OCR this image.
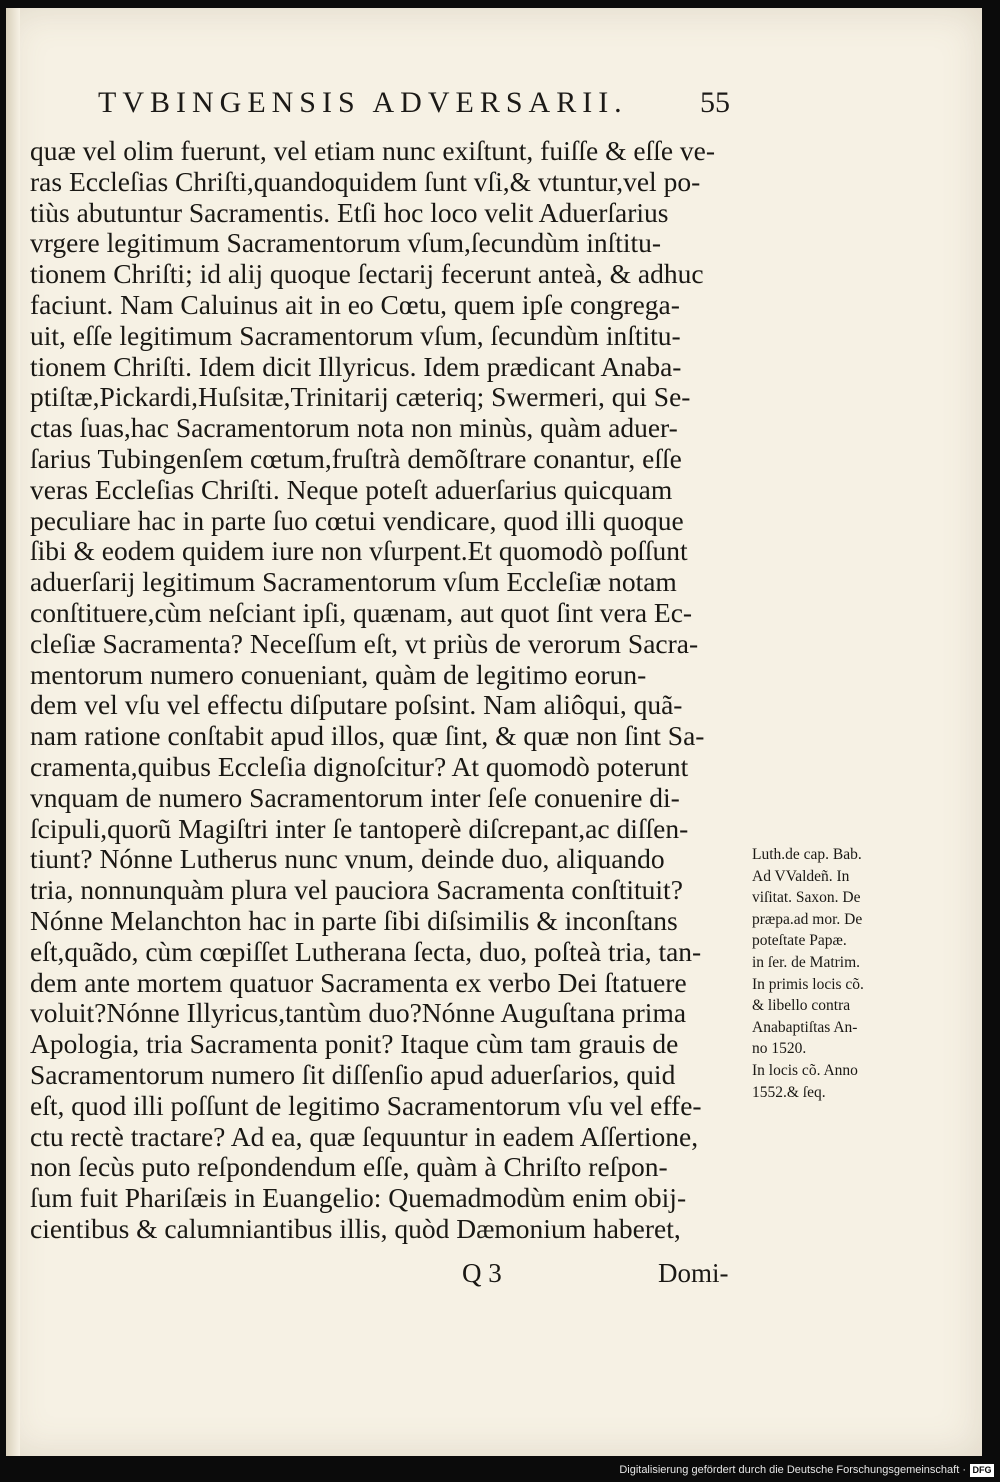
TVBINGENSIS ADVERSARII.	55
quæ vel olim fuerunt, vel etiam nunc exiſtunt, fuiſſe & eſſe ve-
ras Eccleſias Chriſti,quandoquidem ſunt vſi,& vtuntur,vel po-
tiùs abutuntur Sacramentis. Etſi hoc loco velit Aduerſarius
vrgere legitimum Sacramentorum vſum,ſecundùm inſtitu-
tionem Chriſti; id alij quoque ſectarij fecerunt anteà, & adhuc
faciunt. Nam Caluinus ait in eo Cœtu, quem ipſe congrega-
uit, eſſe legitimum Sacramentorum vſum, ſecundùm inſtitu-
tionem Chriſti. Idem dicit Illyricus. Idem prædicant Anaba-
ptiſtæ,Pickardi,Huſsitæ,Trinitarij cæteriq; Swermeri, qui Se-
ctas ſuas,hac Sacramentorum nota non minùs, quàm aduer-
ſarius Tubingenſem cœtum,fruſtrà demõſtrare conantur, eſſe
veras Eccleſias Chriſti. Neque poteſt aduerſarius quicquam
peculiare hac in parte ſuo cœtui vendicare, quod illi quoque
ſibi & eodem quidem iure non vſurpent.Et quomodò poſſunt
aduerſarij legitimum Sacramentorum vſum Eccleſiæ notam
conſtituere,cùm neſciant ipſi, quænam, aut quot ſint vera Ec-
cleſiæ Sacramenta? Neceſſum eſt, vt priùs de verorum Sacra-
mentorum numero conueniant, quàm de legitimo eorun-
dem vel vſu vel effectu diſputare poſsint. Nam aliôqui, quã-
nam ratione conſtabit apud illos, quæ ſint, & quæ non ſint Sa-
cramenta,quibus Eccleſia dignoſcitur? At quomodò poterunt
vnquam de numero Sacramentorum inter ſeſe conuenire di-
ſcipuli,quorũ Magiſtri inter ſe tantoperè diſcrepant,ac diſſen-
tiunt? Nónne Lutherus nunc vnum, deinde duo, aliquando
tria, nonnunquàm plura vel pauciora Sacramenta conſtituit?
Nónne Melanchton hac in parte ſibi diſsimilis & inconſtans
eſt,quãdo, cùm cœpiſſet Lutherana ſecta, duo, poſteà tria, tan-
dem ante mortem quatuor Sacramenta ex verbo Dei ſtatuere
voluit?Nónne Illyricus,tantùm duo?Nónne Auguſtana prima
Apologia, tria Sacramenta ponit? Itaque cùm tam grauis de
Sacramentorum numero ſit diſſenſio apud aduerſarios, quid
eſt, quod illi poſſunt de legitimo Sacramentorum vſu vel effe-
ctu rectè tractare? Ad ea, quæ ſequuntur in eadem Aſſertione,
non ſecùs puto reſpondendum eſſe, quàm à Chriſto reſpon-
ſum fuit Phariſæis in Euangelio: Quemadmodùm enim obij-
cientibus & calumniantibus illis, quòd Dæmonium haberet,
Luth.de cap. Bab.
Ad VValdeñ. In
viſitat. Saxon. De
præpa.ad mor. De
poteſtate Papæ.
in ſer. de Matrim.
In primis locis cõ.
& libello contra
Anabaptiſtas An-
no 1520.
In locis cõ. Anno
1552.& ſeq.
Q 3	Domi-
Digitalisierung gefördert durch die Deutsche Forschungsgemeinschaft · DFG
